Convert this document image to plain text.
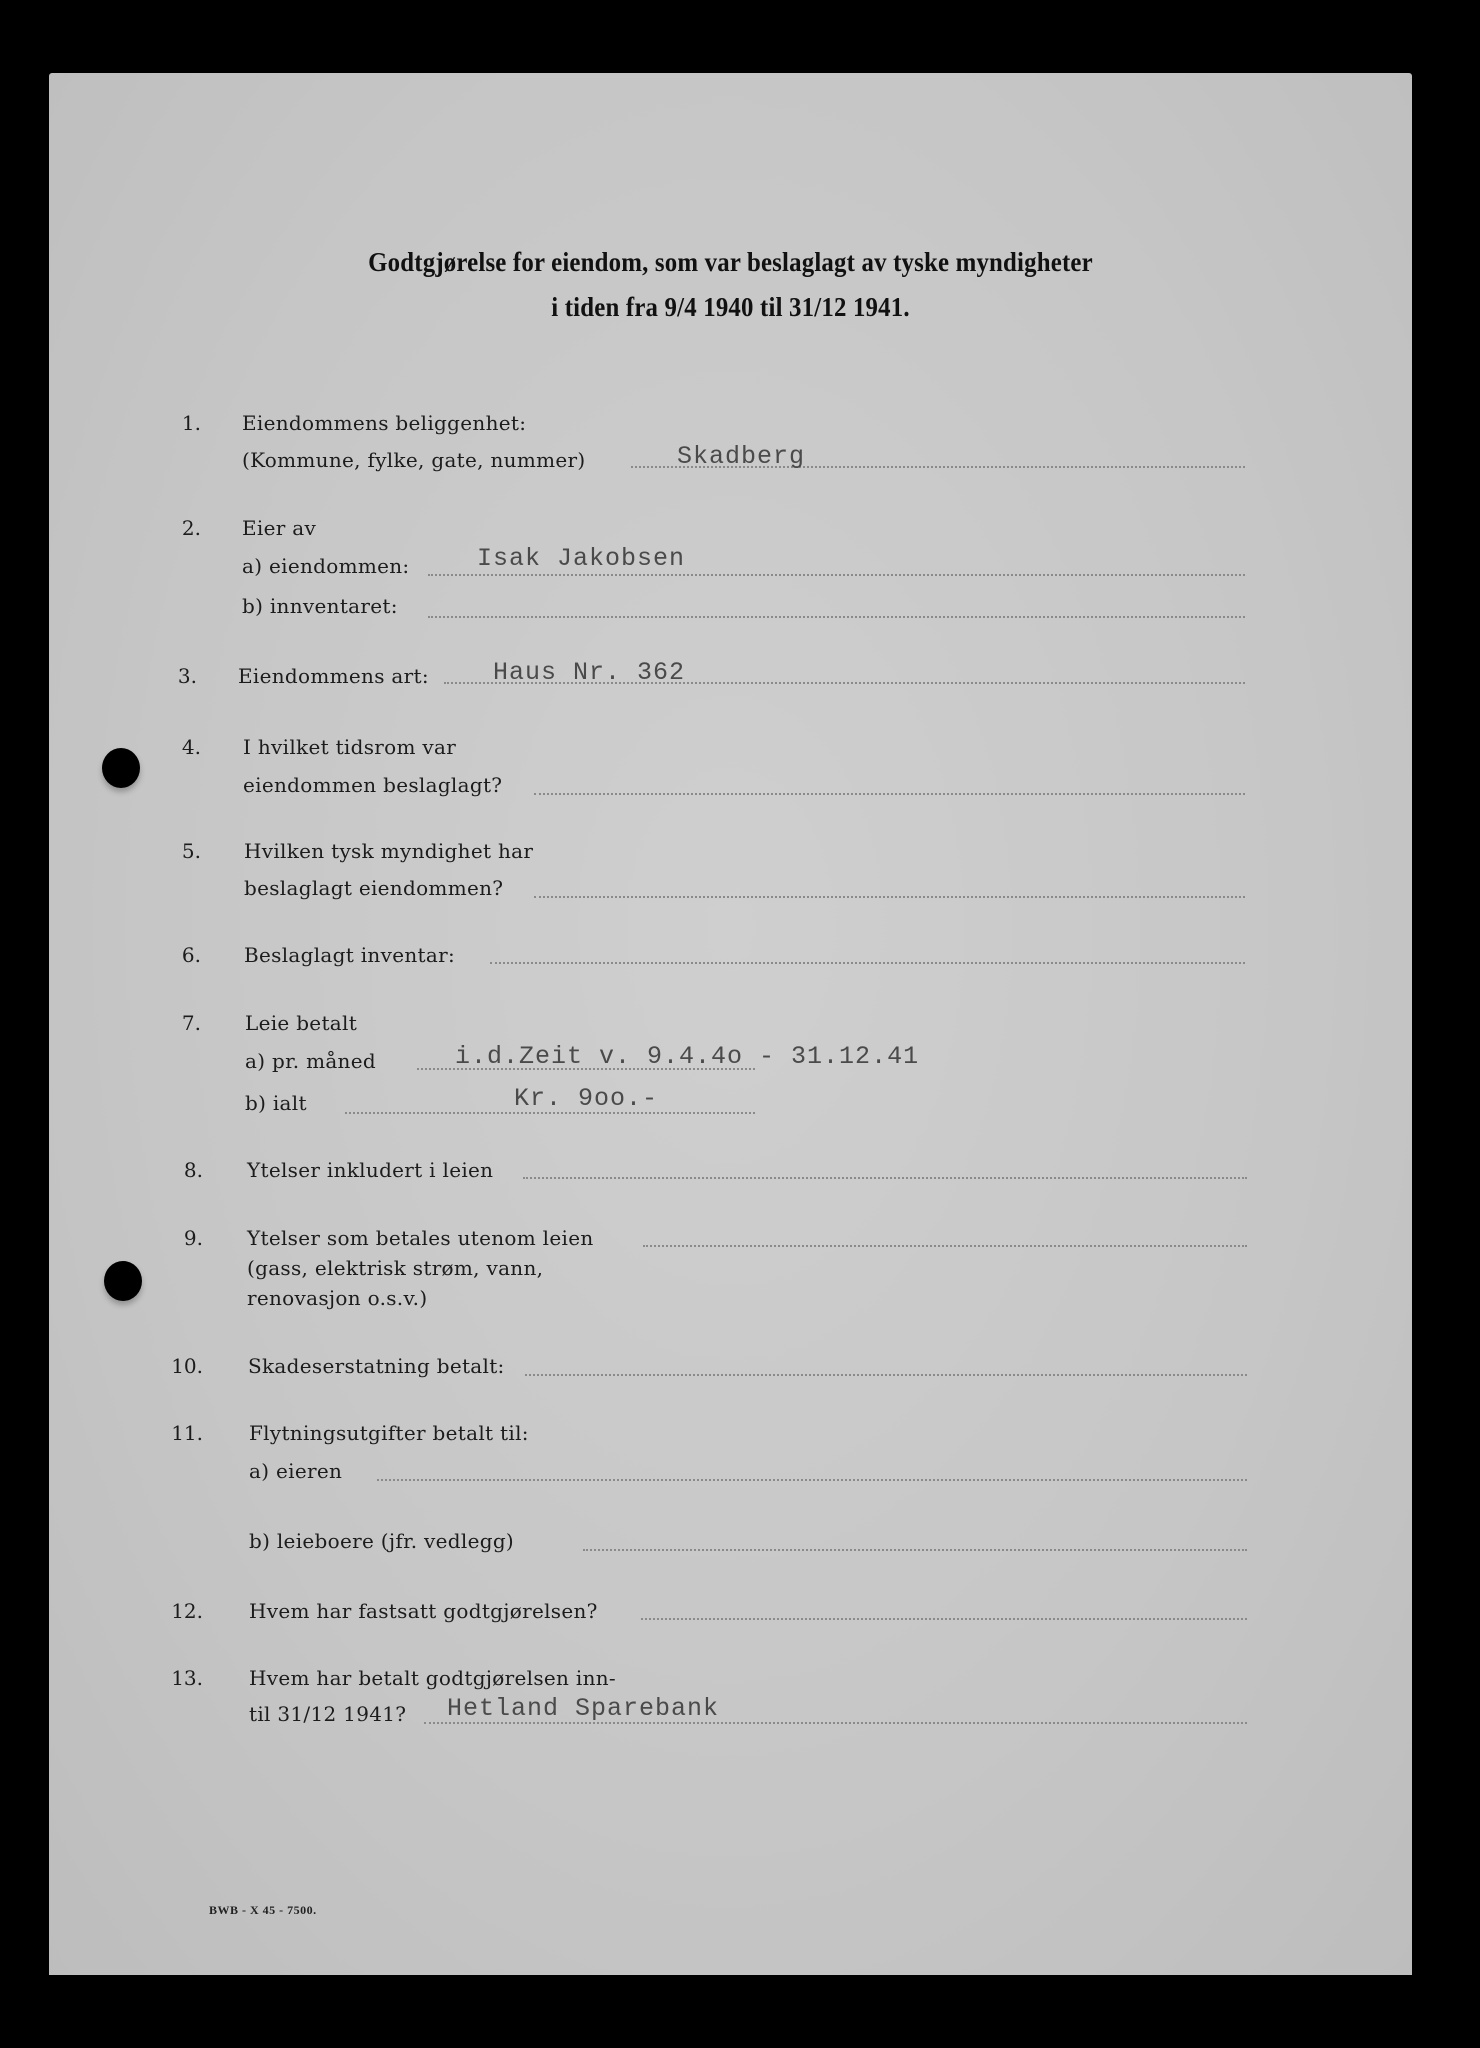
Godtgjørelse for eiendom, som var beslaglagt av tyske myndigheter
i tiden fra 9/4 1940 til 31/12 1941.
1. Eiendommens beliggenhet:
(Kommune, fylke, gate, nummer)	Skadberg
2. Eier av
a) eiendommen:	Isak Jakobsen
b) innventaret:
3. Eiendommens art:	Haus Nr. 362
4. I hvilket tidsrom var
eiendommen beslaglagt?
5. Hvilken tysk myndighet har
beslaglagt eiendommen?
6. Beslaglagt inventar:
7. Leie betalt
a) pr. måned	i.d.Zeit v. 9.4.4o - 31.12.41
b) ialt	Kr. 9oo.-
8. Ytelser inkludert i leien
9. Ytelser som betales utenom leien
(gass, elektrisk strøm, vann,
renovasjon o.s.v.)
10. Skadeserstatning betalt:
11. Flytningsutgifter betalt til:
a) eieren
b) leieboere (jfr. vedlegg)
12. Hvem har fastsatt godtgjørelsen?
13. Hvem har betalt godtgjørelsen inn-
til 31/12 1941? Hetland Sparebank
BWB - X 45 - 7500.
